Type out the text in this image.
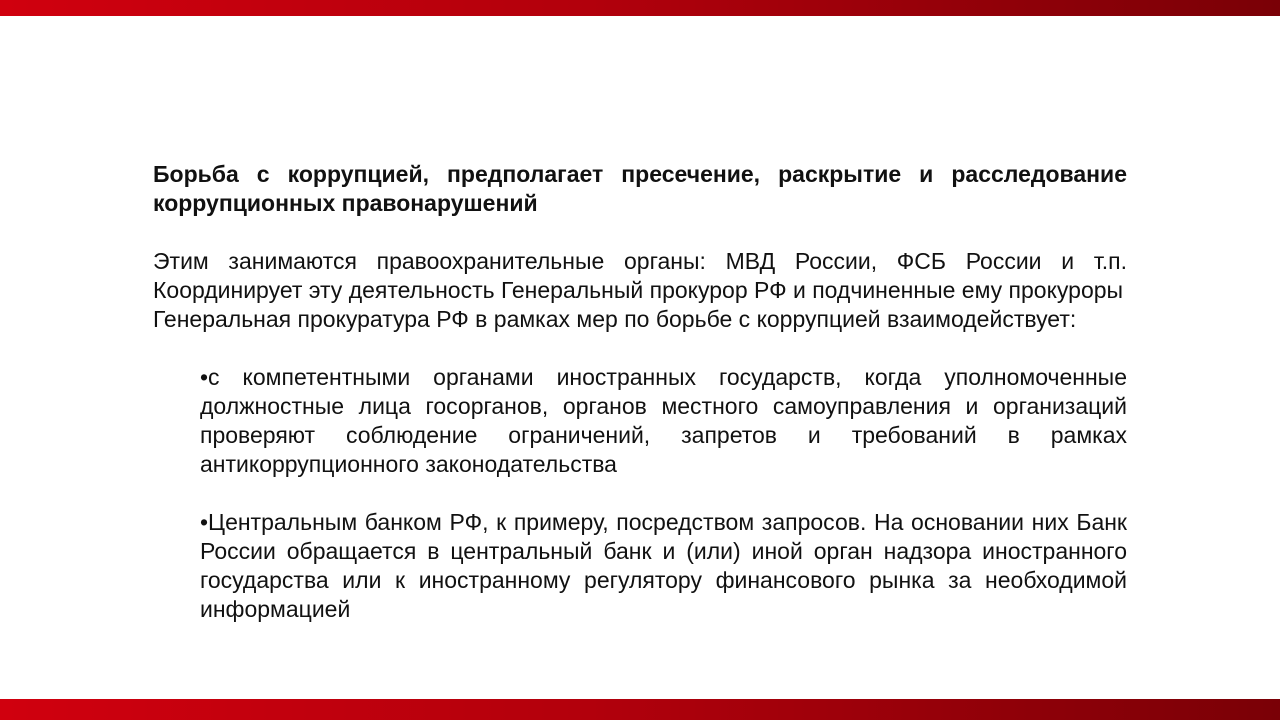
Борьба с коррупцией, предполагает пресечение, раскрытие и расследование коррупционных правонарушений

Этим занимаются правоохранительные органы: МВД России, ФСБ России и т.п. Координирует эту деятельность Генеральный прокурор РФ и подчиненные ему прокуроры

Генеральная прокуратура РФ в рамках мер по борьбе с коррупцией взаимодействует:

•с компетентными органами иностранных государств, когда уполномоченные должностные лица госорганов, органов местного самоуправления и организаций проверяют соблюдение ограничений, запретов и требований в рамках антикоррупционного законодательства

•Центральным банком РФ, к примеру, посредством запросов. На основании них Банк России обращается в центральный банк и (или) иной орган надзора иностранного государства или к иностранному регулятору финансового рынка за необходимой информацией
